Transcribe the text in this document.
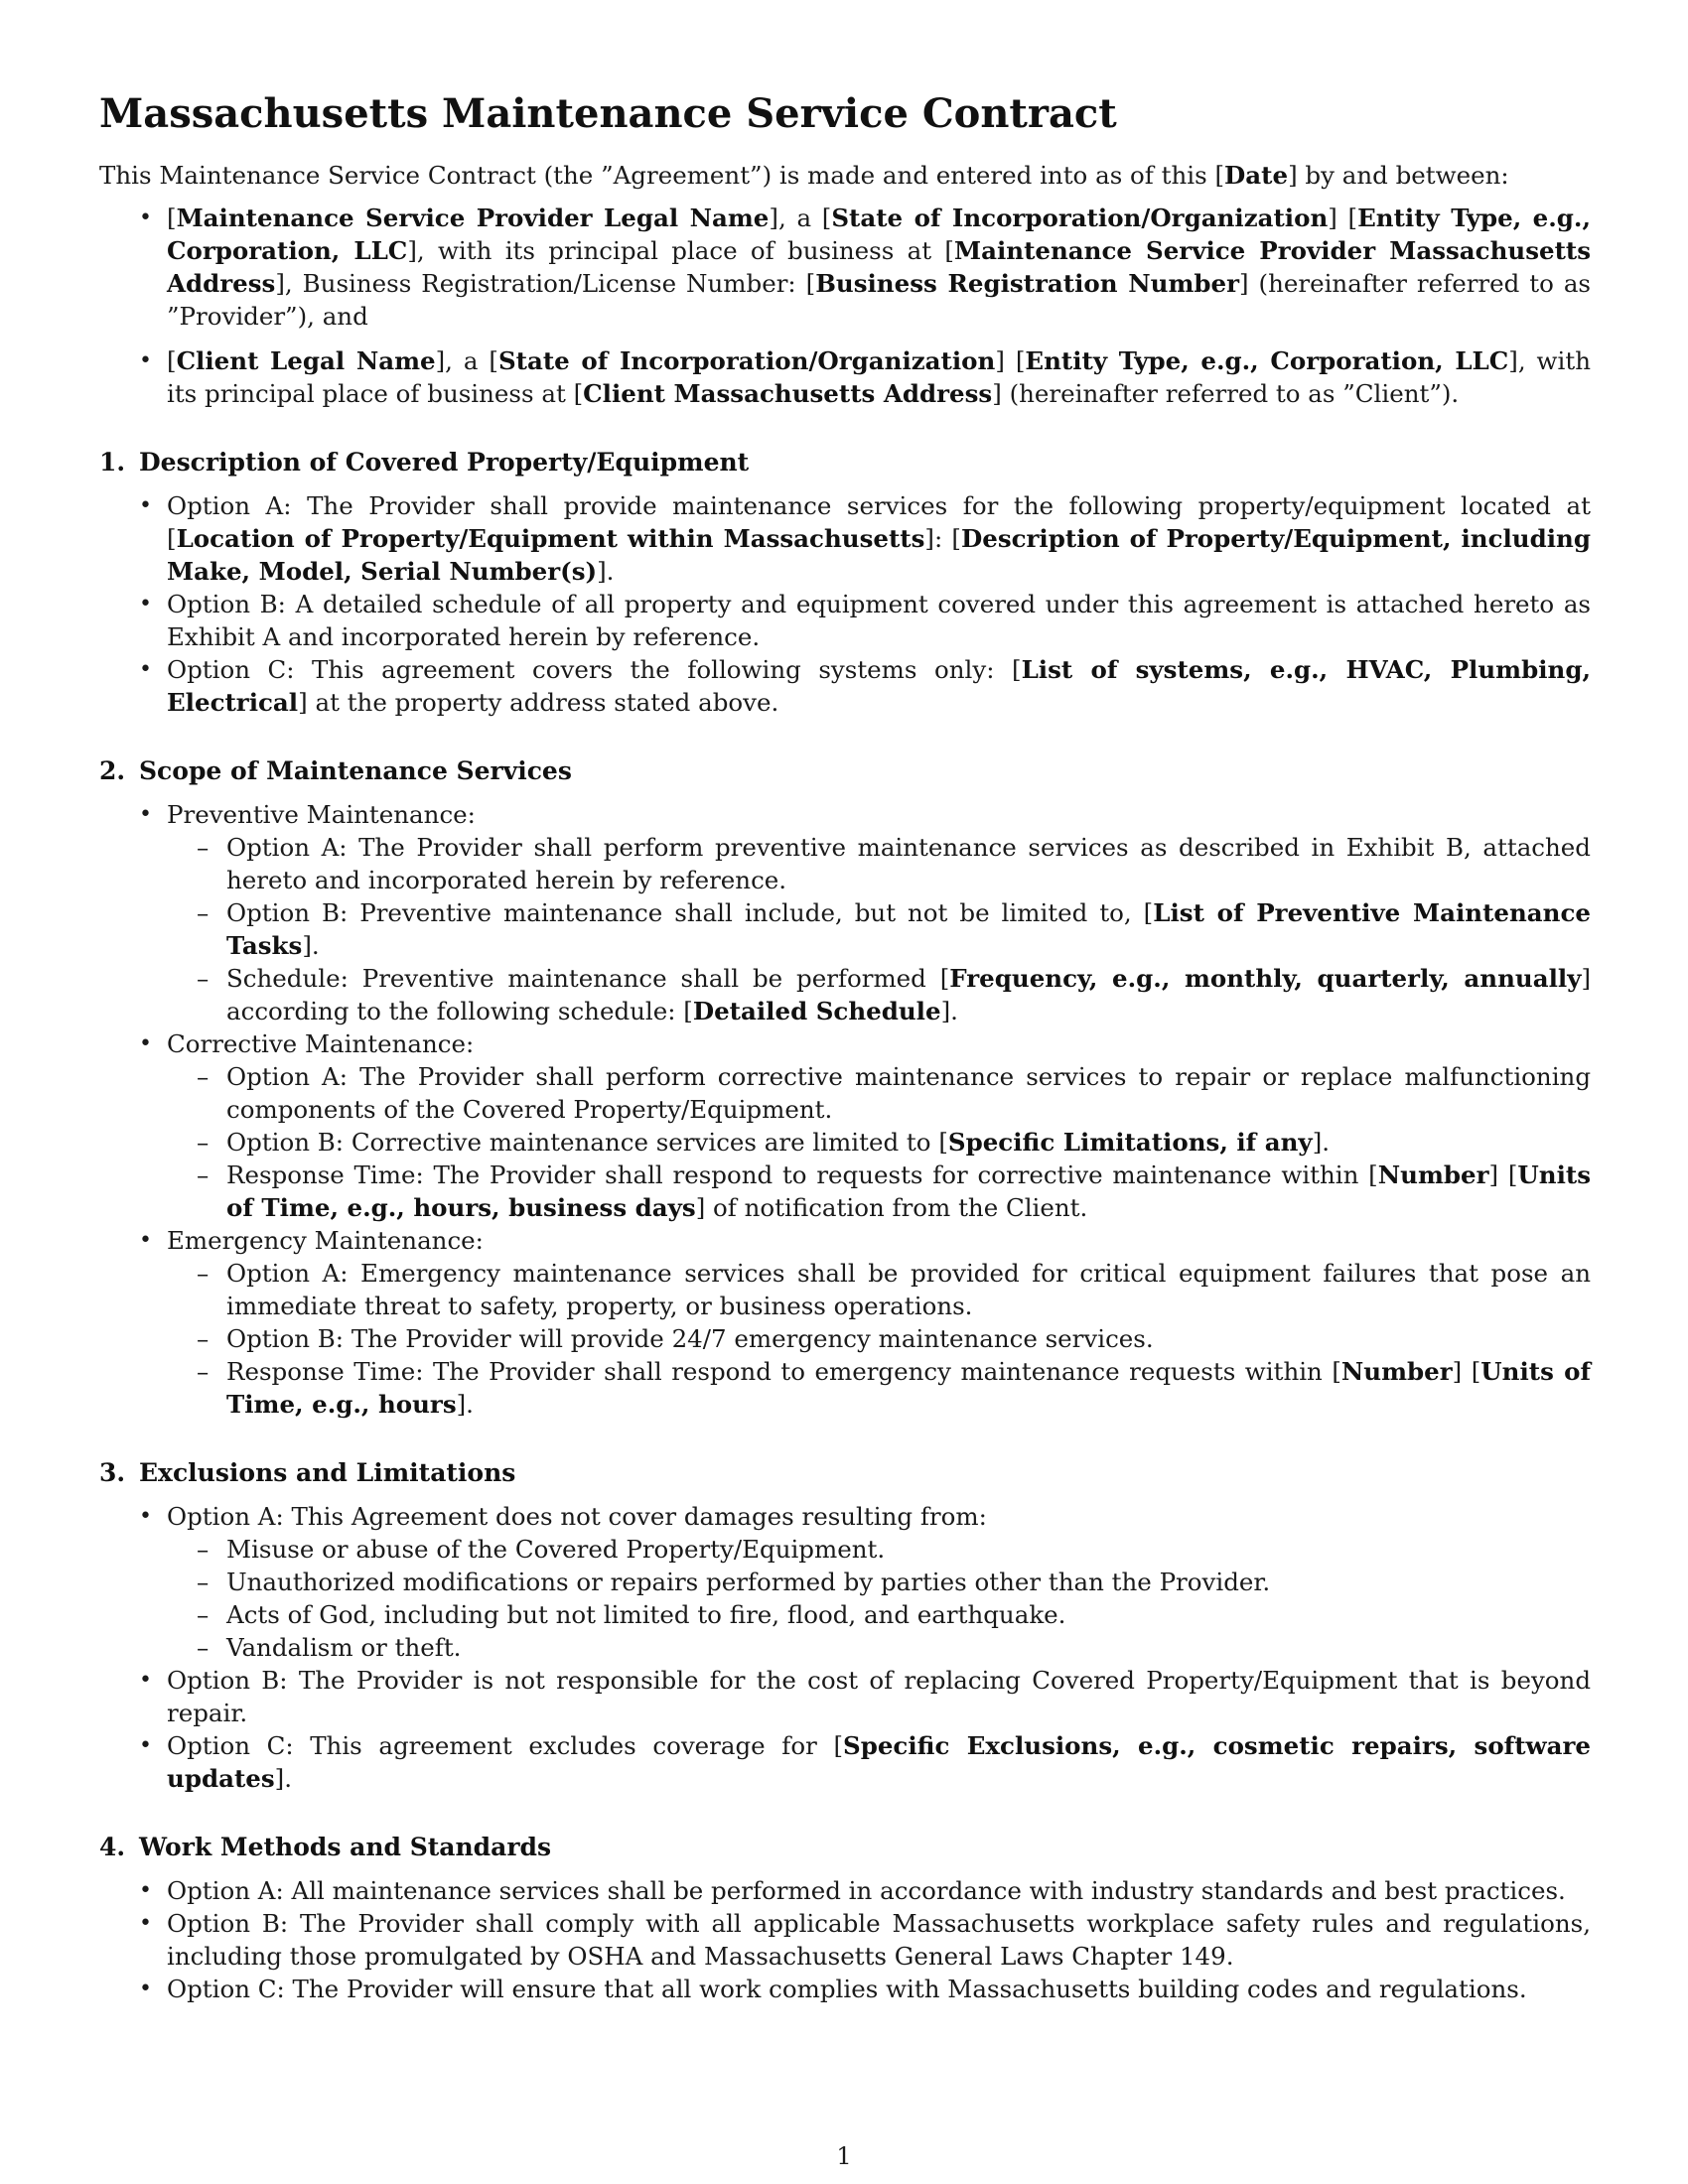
Massachusetts Maintenance Service Contract

This Maintenance Service Contract (the ”Agreement”) is made and entered into as of this [Date] by and between:

• [Maintenance Service Provider Legal Name], a [State of Incorporation/Organization] [Entity Type, e.g., Corporation, LLC], with its principal place of business at [Maintenance Service Provider Massachusetts Address], Business Registration/License Number: [Business Registration Number] (hereinafter referred to as ”Provider”), and
• [Client Legal Name], a [State of Incorporation/Organization] [Entity Type, e.g., Corporation, LLC], with its principal place of business at [Client Massachusetts Address] (hereinafter referred to as ”Client”).
1. Description of Covered Property/Equipment
• Option A: The Provider shall provide maintenance services for the following property/equipment located at [Location of Property/Equipment within Massachusetts]: [Description of Property/Equipment, including Make, Model, Serial Number(s)].
• Option B: A detailed schedule of all property and equipment covered under this agreement is attached hereto as Exhibit A and incorporated herein by reference.
• Option C: This agreement covers the following systems only: [List of systems, e.g., HVAC, Plumbing, Electrical] at the property address stated above.
2. Scope of Maintenance Services
• Preventive Maintenance:
– Option A: The Provider shall perform preventive maintenance services as described in Exhibit B, attached hereto and incorporated herein by reference.
– Option B: Preventive maintenance shall include, but not be limited to, [List of Preventive Maintenance Tasks].
– Schedule: Preventive maintenance shall be performed [Frequency, e.g., monthly, quarterly, annually] according to the following schedule: [Detailed Schedule].
• Corrective Maintenance:
– Option A: The Provider shall perform corrective maintenance services to repair or replace malfunctioning components of the Covered Property/Equipment.
– Option B: Corrective maintenance services are limited to [Specific Limitations, if any].
– Response Time: The Provider shall respond to requests for corrective maintenance within [Number] [Units of Time, e.g., hours, business days] of notification from the Client.
• Emergency Maintenance:
– Option A: Emergency maintenance services shall be provided for critical equipment failures that pose an immediate threat to safety, property, or business operations.
– Option B: The Provider will provide 24/7 emergency maintenance services.
– Response Time: The Provider shall respond to emergency maintenance requests within [Number] [Units of Time, e.g., hours].
3. Exclusions and Limitations
• Option A: This Agreement does not cover damages resulting from:
– Misuse or abuse of the Covered Property/Equipment.
– Unauthorized modifications or repairs performed by parties other than the Provider.
– Acts of God, including but not limited to fire, flood, and earthquake.
– Vandalism or theft.
• Option B: The Provider is not responsible for the cost of replacing Covered Property/Equipment that is beyond repair.
• Option C: This agreement excludes coverage for [Specific Exclusions, e.g., cosmetic repairs, software updates].
4. Work Methods and Standards
• Option A: All maintenance services shall be performed in accordance with industry standards and best practices.
• Option B: The Provider shall comply with all applicable Massachusetts workplace safety rules and regulations, including those promulgated by OSHA and Massachusetts General Laws Chapter 149.
• Option C: The Provider will ensure that all work complies with Massachusetts building codes and regulations.
1
